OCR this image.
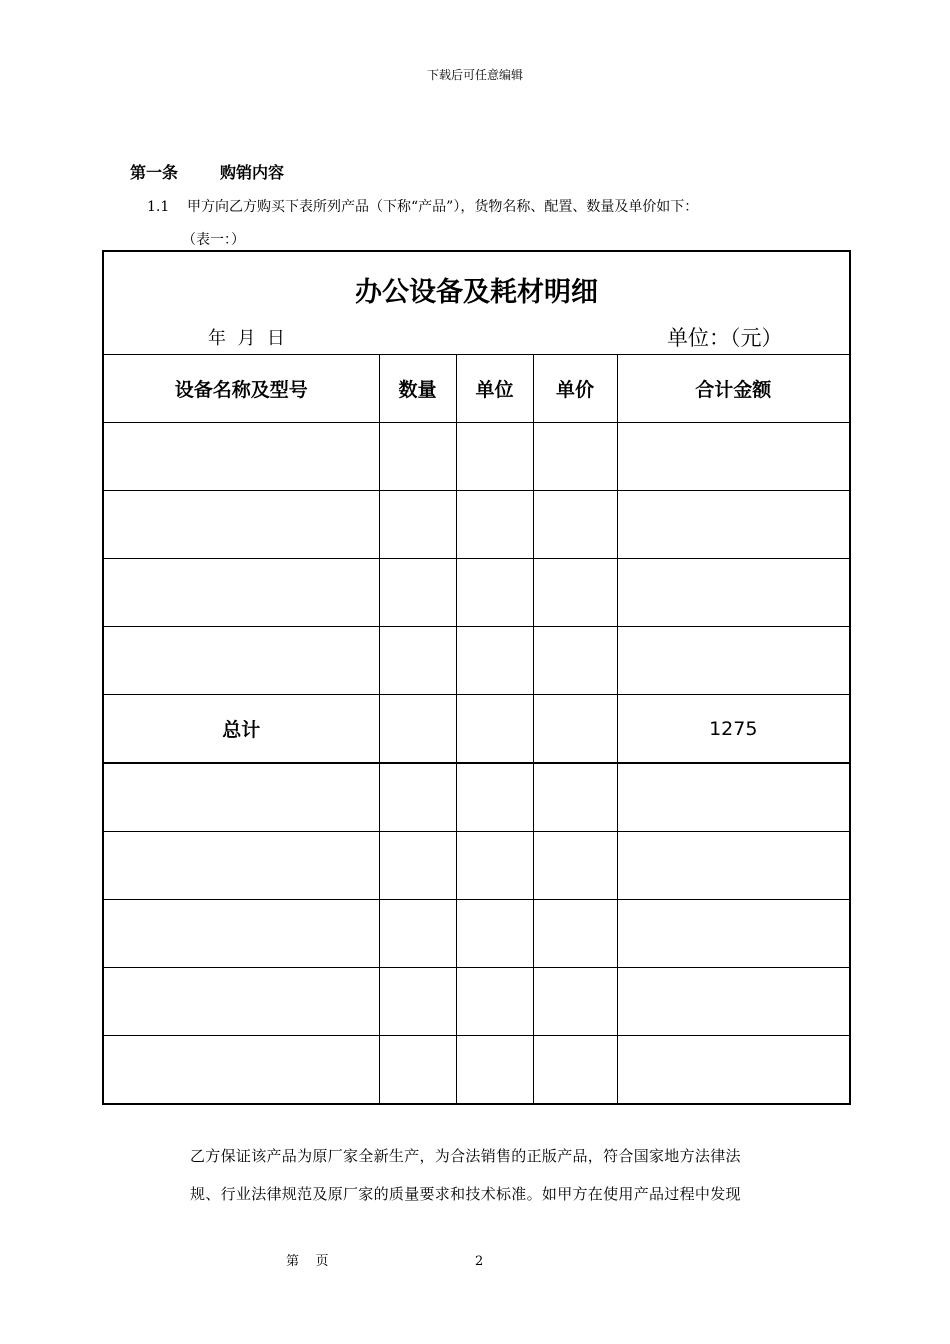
下载后可任意编辑
第一条	购销内容
1.1 甲方向乙方购买下表所列产品（下称“产品”），货物名称、配置、数量及单价如下：
（表一：）
办公设备及耗材明细
年  月  日 单位：（元）				

设备名称及型号	数量	单位	单价	合计金额

总计				1275

乙方保证该产品为原厂家全新生产，为合法销售的正版产品，符合国家地方法律法
规、行业法律规范及原厂家的质量要求和技术标准。如甲方在使用产品过程中发现
第    页	2
